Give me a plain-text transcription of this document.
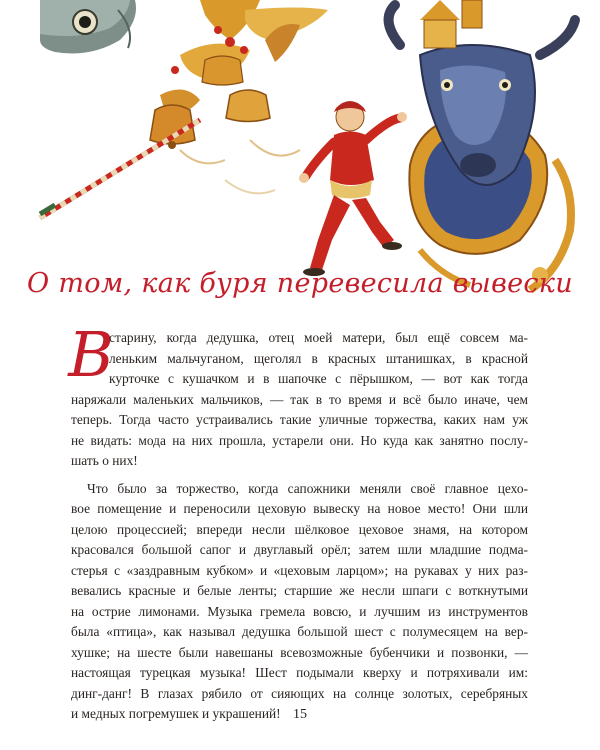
О том, как буря перевесила вывески
В
старину, когда дедушка, отец моей матери, был ещё совсем ма-
леньким мальчуганом, щеголял в красных штанишках, в красной
курточке с кушачком и в шапочке с пёрышком, — вот как тогда
наряжали маленьких мальчиков, — так в то время и всё было иначе, чем
теперь. Тогда часто устраивались такие уличные торжества, каких нам уж
не видать: мода на них прошла, устарели они. Но куда как занятно послу-
шать о них!
Что было за торжество, когда сапожники меняли своё главное цехо-
вое помещение и переносили цеховую вывеску на новое место! Они шли
целою процессией; впереди несли шёлковое цеховое знамя, на котором
красовался большой сапог и двуглавый орёл; затем шли младшие подма-
стерья с «заздравным кубком» и «цеховым ларцом»; на рукавах у них раз-
вевались красные и белые ленты; старшие же несли шпаги с воткнутыми
на острие лимонами. Музыка гремела вовсю, и лучшим из инструментов
была «птица», как называл дедушка большой шест с полумесяцем на вер-
хушке; на шесте были навешаны всевозможные бубенчики и позвонки, —
настоящая турецкая музыка! Шест подымали кверху и потряхивали им:
динг-данг! В глазах рябило от сияющих на солнце золотых, серебряных
и медных погремушек и украшений! 15
